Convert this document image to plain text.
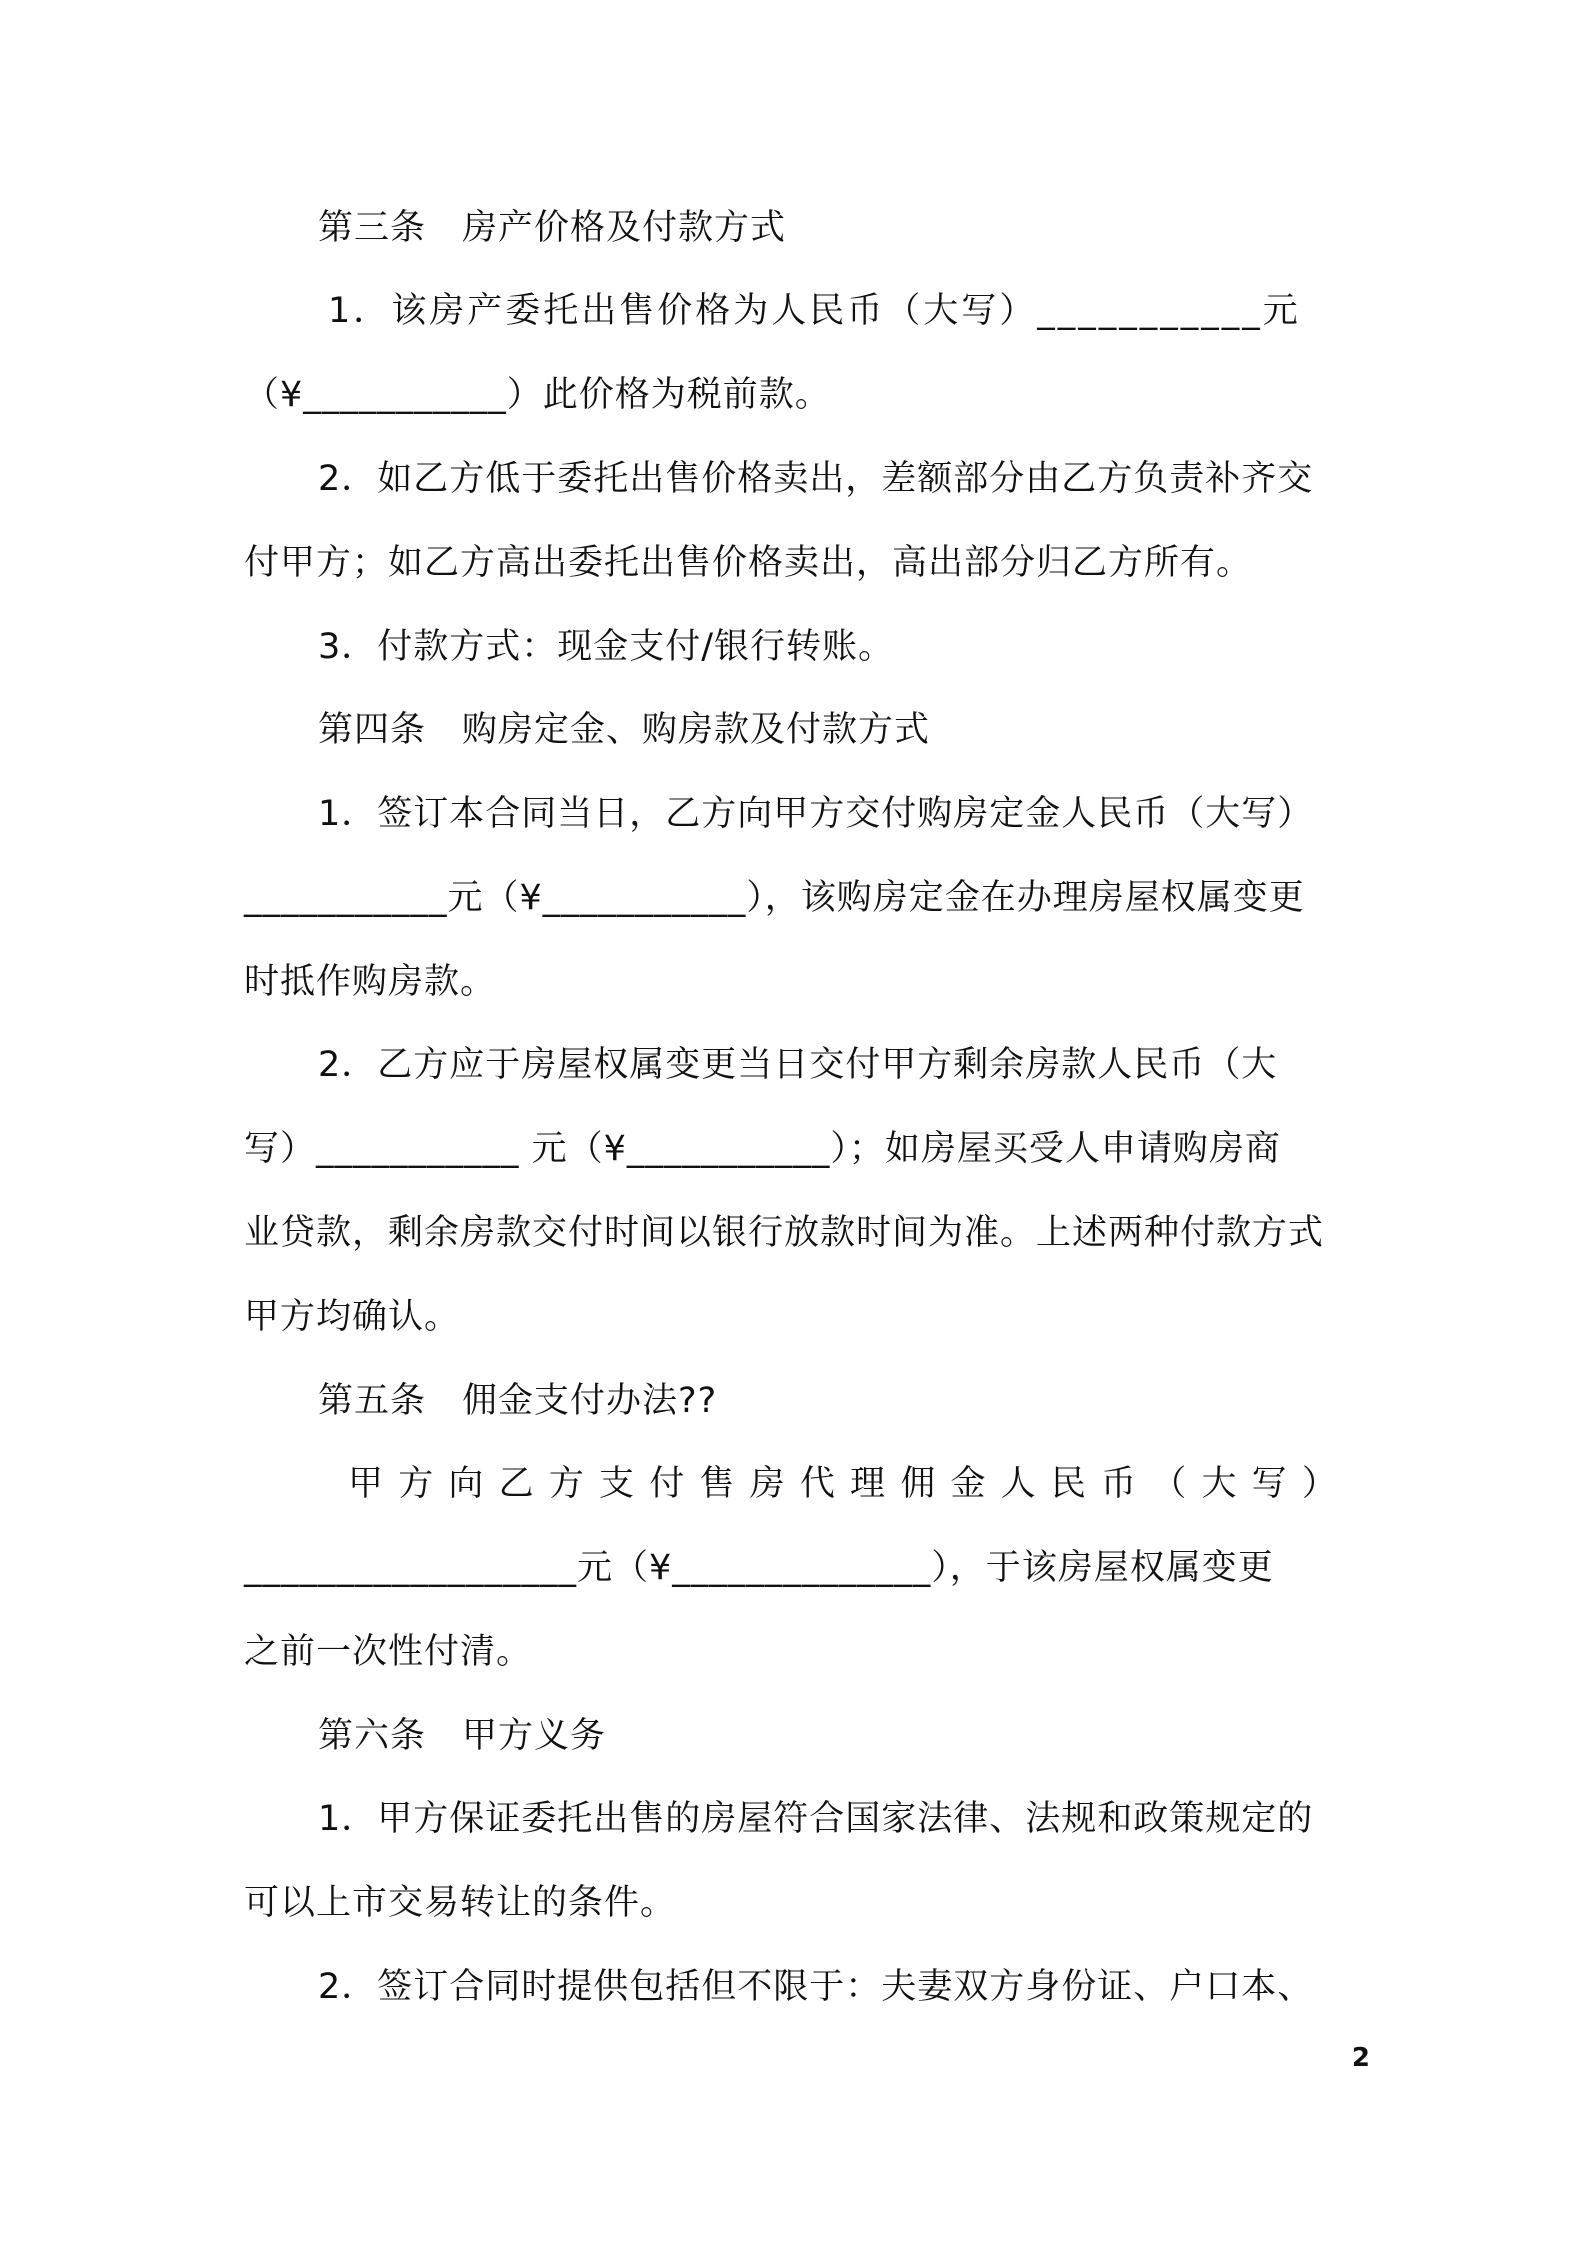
第三条　房产价格及付款方式
1．该房产委托出售价格为人民币（大写）___________元
（¥___________）此价格为税前款。
2．如乙方低于委托出售价格卖出，差额部分由乙方负责补齐交
付甲方；如乙方高出委托出售价格卖出，高出部分归乙方所有。
3．付款方式：现金支付/银行转账。
第四条　购房定金、购房款及付款方式
1．签订本合同当日，乙方向甲方交付购房定金人民币（大写）
___________元（¥___________），该购房定金在办理房屋权属变更
时抵作购房款。
2．乙方应于房屋权属变更当日交付甲方剩余房款人民币（大
写）___________ 元（¥___________）；如房屋买受人申请购房商
业贷款，剩余房款交付时间以银行放款时间为准。上述两种付款方式
甲方均确认。
第五条　佣金支付办法??
甲 方 向 乙 方 支 付 售 房 代 理 佣 金 人 民 币 （ 大 写 ）
__________________元（¥______________），于该房屋权属变更
之前一次性付清。
第六条　甲方义务
1．甲方保证委托出售的房屋符合国家法律、法规和政策规定的
可以上市交易转让的条件。
2．签订合同时提供包括但不限于：夫妻双方身份证、户口本、
2
